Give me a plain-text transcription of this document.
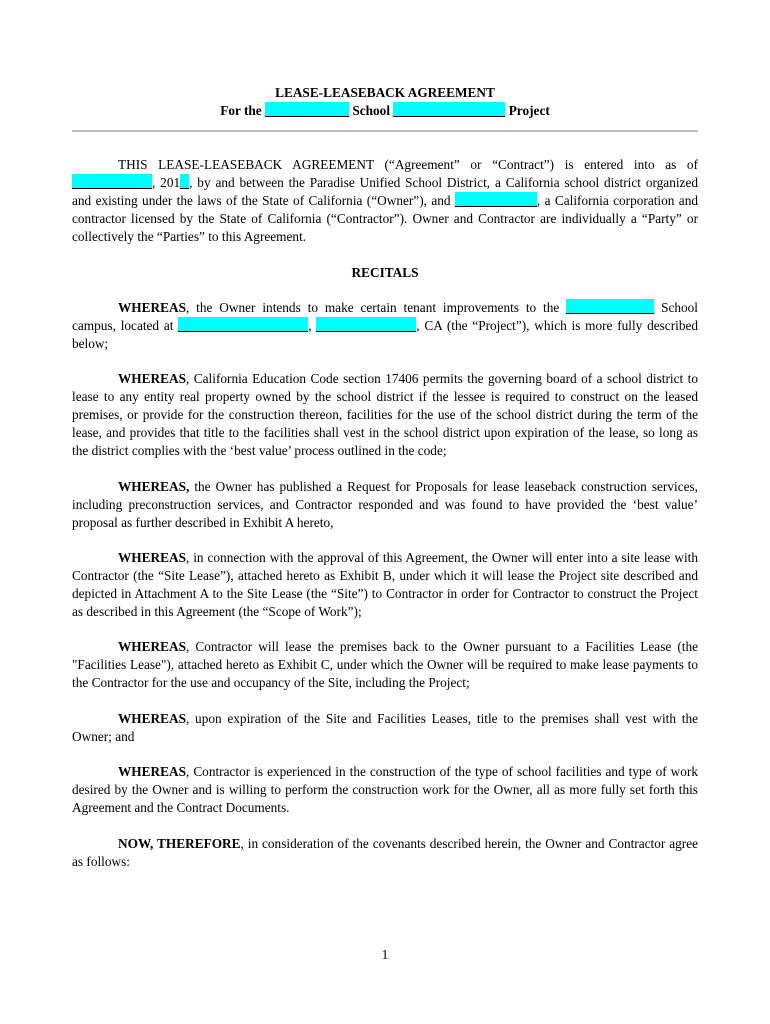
LEASE-LEASEBACK AGREEMENT
For the	School	Project

THIS LEASE-LEASEBACK AGREEMENT (“Agreement” or “Contract”) is entered into as of , 201 , by and between the Paradise Unified School District, a California school district organized and existing under the laws of the State of California (“Owner”), and	, a California corporation and contractor licensed by the State of California (“Contractor”). Owner and Contractor are individually a “Party” or collectively the “Parties” to this Agreement.

RECITALS

WHEREAS, the Owner intends to make certain tenant improvements to the	School campus, located at	,	, CA (the “Project”), which is more fully described below;

WHEREAS, California Education Code section 17406 permits the governing board of a school district to lease to any entity real property owned by the school district if the lessee is required to construct on the leased premises, or provide for the construction thereon, facilities for the use of the school district during the term of the lease, and provides that title to the facilities shall vest in the school district upon expiration of the lease, so long as the district complies with the ‘best value’ process outlined in the code;

WHEREAS, the Owner has published a Request for Proposals for lease leaseback construction services, including preconstruction services, and Contractor responded and was found to have provided the ‘best value’ proposal as further described in Exhibit A hereto,

WHEREAS, in connection with the approval of this Agreement, the Owner will enter into a site lease with Contractor (the “Site Lease”), attached hereto as Exhibit B, under which it will lease the Project site described and depicted in Attachment A to the Site Lease (the “Site”) to Contractor in order for Contractor to construct the Project as described in this Agreement (the “Scope of Work”);

WHEREAS, Contractor will lease the premises back to the Owner pursuant to a Facilities Lease (the "Facilities Lease"), attached hereto as Exhibit C, under which the Owner will be required to make lease payments to the Contractor for the use and occupancy of the Site, including the Project;

WHEREAS, upon expiration of the Site and Facilities Leases, title to the premises shall vest with the Owner; and

WHEREAS, Contractor is experienced in the construction of the type of school facilities and type of work desired by the Owner and is willing to perform the construction work for the Owner, all as more fully set forth this Agreement and the Contract Documents.

NOW, THEREFORE, in consideration of the covenants described herein, the Owner and Contractor agree as follows:

1
